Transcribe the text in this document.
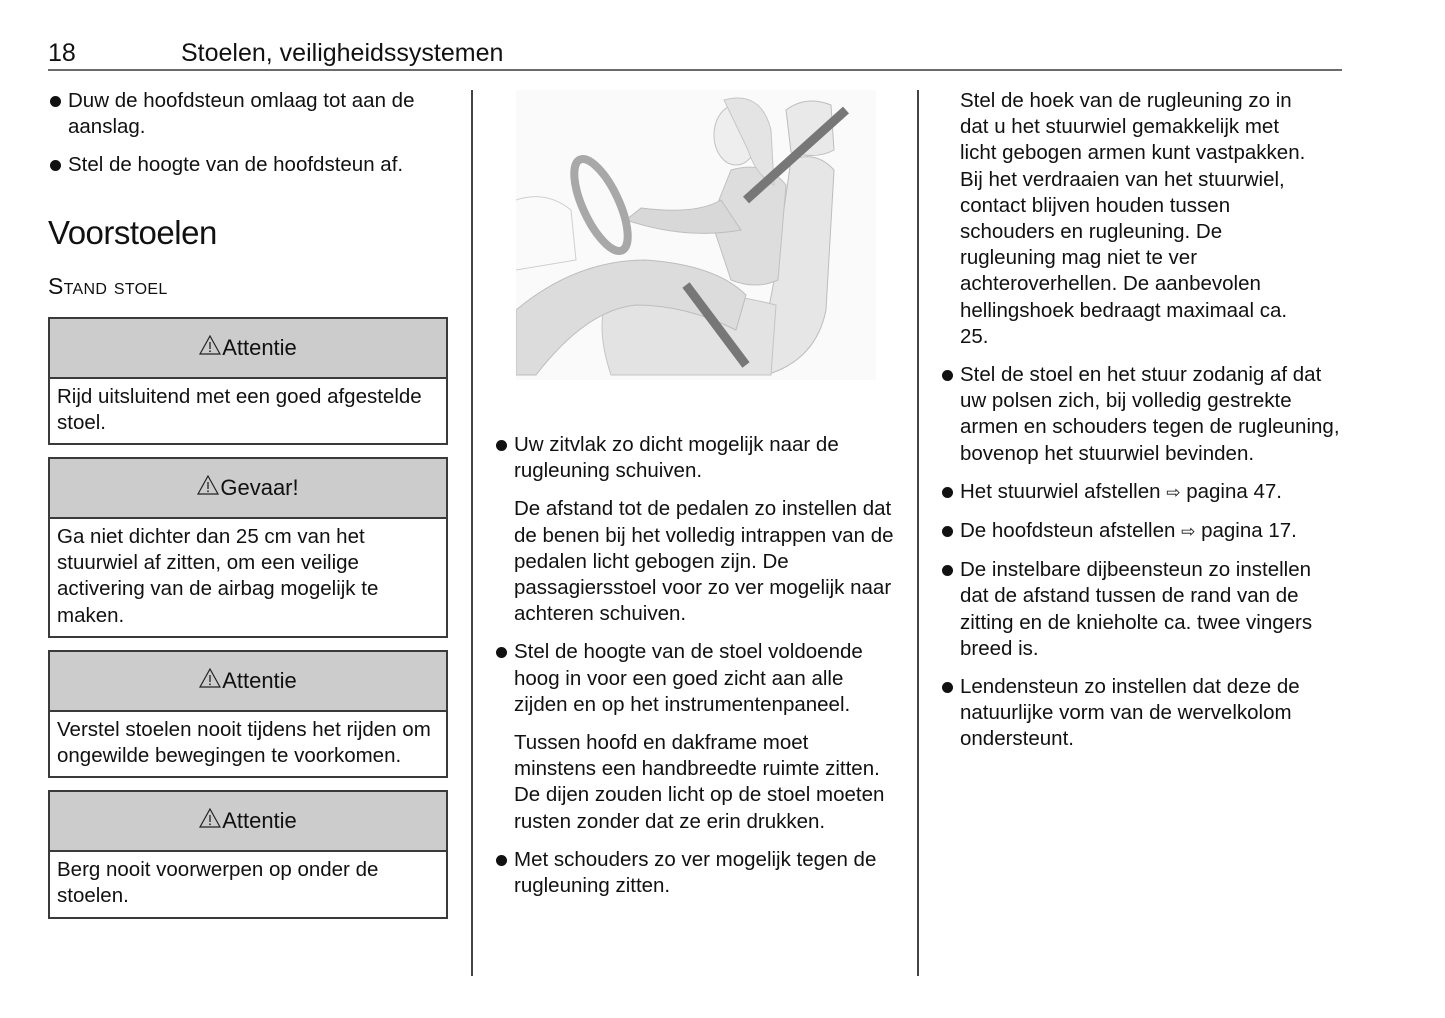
18	Stoelen, veiligheidssystemen
Duw de hoofdsteun omlaag tot aan de aanslag.
Stel de hoogte van de hoofdsteun af.
Voorstoelen
Stand stoel
Attentie
Rijd uitsluitend met een goed afgestelde stoel.
Gevaar!
Ga niet dichter dan 25 cm van het stuurwiel af zitten, om een veilige activering van de airbag mogelijk te maken.
Attentie
Verstel stoelen nooit tijdens het rijden om ongewilde bewegingen te voorkomen.
Attentie
Berg nooit voorwerpen op onder de stoelen.
Uw zitvlak zo dicht mogelijk naar de rugleuning schuiven.
De afstand tot de pedalen zo instellen dat de benen bij het volledig intrappen van de pedalen licht gebogen zijn. De passagiersstoel voor zo ver mogelijk naar achteren schuiven.
Stel de hoogte van de stoel voldoende hoog in voor een goed zicht aan alle zijden en op het instrumentenpaneel.
Tussen hoofd en dakframe moet minstens een handbreedte ruimte zitten. De dijen zouden licht op de stoel moeten rusten zonder dat ze erin drukken.
Met schouders zo ver mogelijk tegen de rugleuning zitten.
Stel de hoek van de rugleuning zo in dat u het stuurwiel gemakkelijk met licht gebogen armen kunt vastpakken. Bij het verdraaien van het stuurwiel, contact blijven houden tussen schouders en rugleuning. De rugleuning mag niet te ver achteroverhellen. De aanbevolen hellingshoek bedraagt maximaal ca. 25.
Stel de stoel en het stuur zodanig af dat uw polsen zich, bij volledig gestrekte armen en schouders tegen de rugleuning, bovenop het stuurwiel bevinden.
Het stuurwiel afstellen ⇨ pagina 47.
De hoofdsteun afstellen ⇨ pagina 17.
De instelbare dijbeensteun zo instellen dat de afstand tussen de rand van de zitting en de knieholte ca. twee vingers breed is.
Lendensteun zo instellen dat deze de natuurlijke vorm van de wervelkolom ondersteunt.
